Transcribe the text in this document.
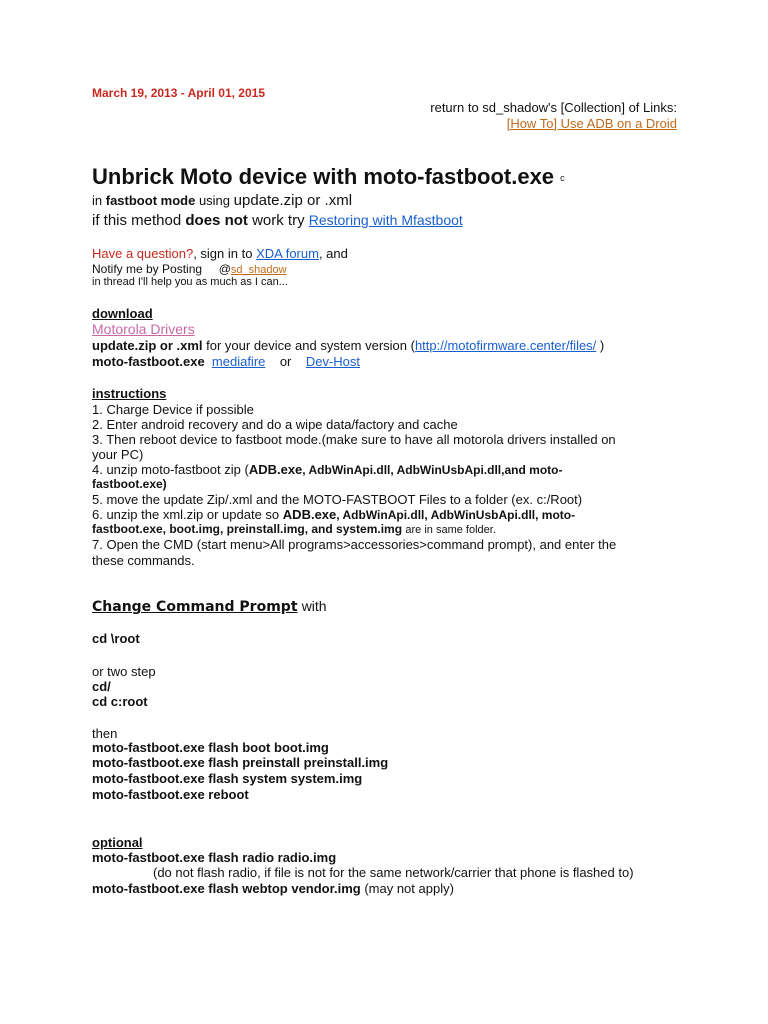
March 19, 2013 - April 01, 2015
return to sd_shadow's [Collection] of Links:
[How To] Use ADB on a Droid
Unbrick Moto device with moto-fastboot.exe c
in fastboot mode using update.zip or .xml
if this method does not work try Restoring with Mfastboot
Have a question?, sign in to XDA forum, and
Notify me by Posting @sd_shadow
in thread I'll help you as much as I can...
download
Motorola Drivers
update.zip or .xml for your device and system version (http://motofirmware.center/files/ )
moto-fastboot.exe mediafire or Dev-Host
instructions
1. Charge Device if possible
2. Enter android recovery and do a wipe data/factory and cache
3. Then reboot device to fastboot mode.(make sure to have all motorola drivers installed on
your PC)
4. unzip moto-fastboot zip (ADB.exe, AdbWinApi.dll, AdbWinUsbApi.dll,and moto-
fastboot.exe)
5. move the update Zip/.xml and the MOTO-FASTBOOT Files to a folder (ex. c:/Root)
6. unzip the xml.zip or update so ADB.exe, AdbWinApi.dll, AdbWinUsbApi.dll, moto-
fastboot.exe, boot.img, preinstall.img, and system.img are in same folder.
7. Open the CMD (start menu>All programs>accessories>command prompt), and enter the
these commands.
Change Command Prompt with
cd \root
or two step
cd/
cd c:root
then
moto-fastboot.exe flash boot boot.img
moto-fastboot.exe flash preinstall preinstall.img
moto-fastboot.exe flash system system.img
moto-fastboot.exe reboot
optional
moto-fastboot.exe flash radio radio.img
(do not flash radio, if file is not for the same network/carrier that phone is flashed to)
moto-fastboot.exe flash webtop vendor.img (may not apply)
